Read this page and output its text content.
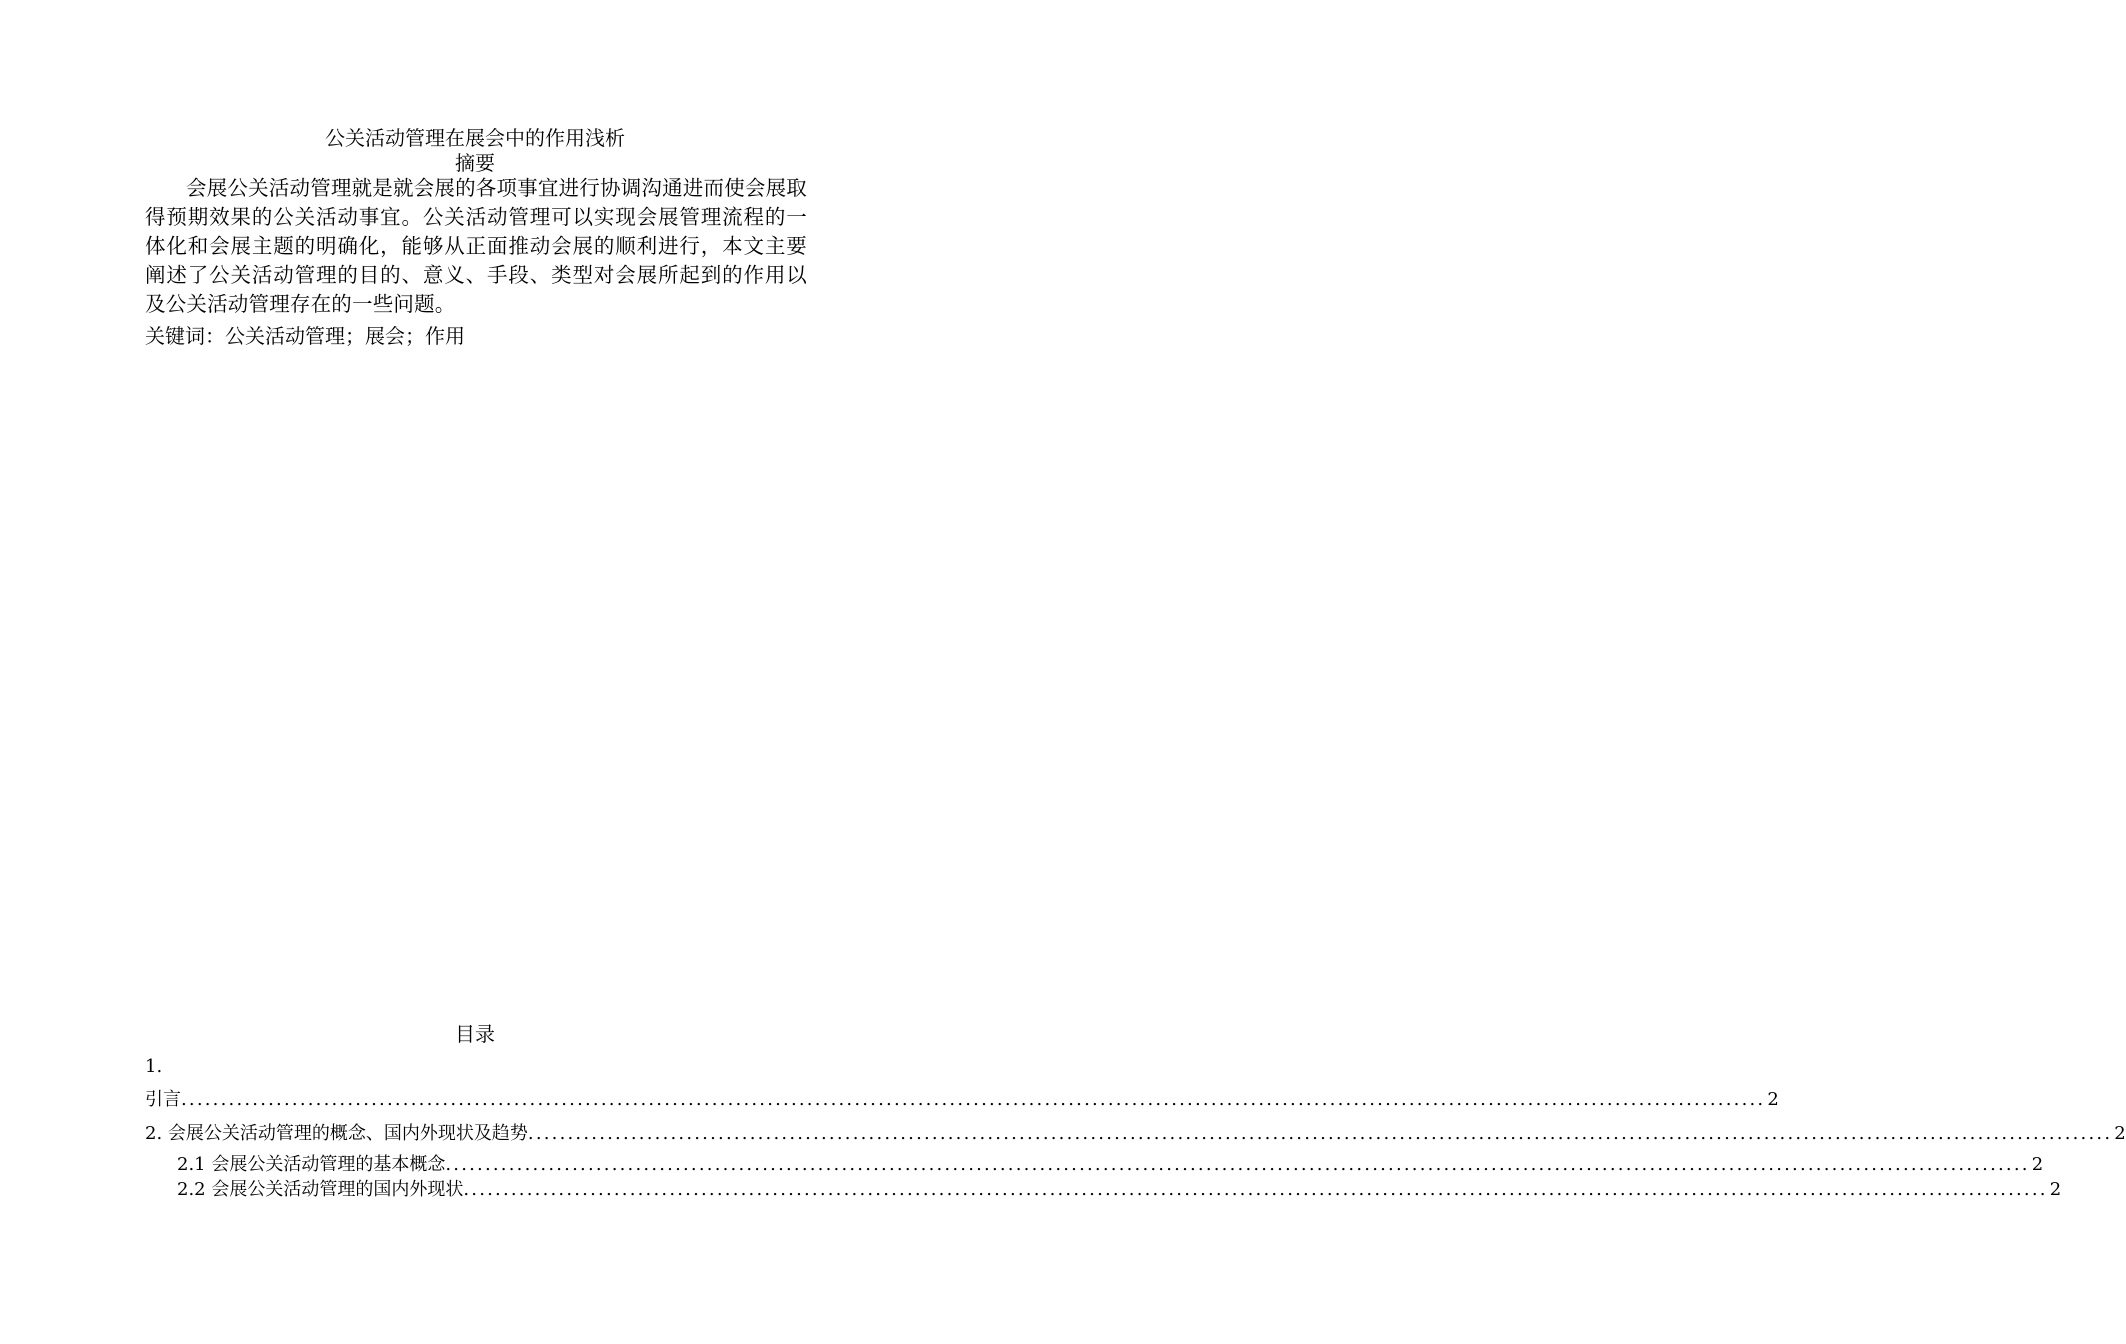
公关活动管理在展会中的作用浅析
摘要
会展公关活动管理就是就会展的各项事宜进行协调沟通进而使会展取得预期效果的公关活动事宜。公关活动管理可以实现会展管理流程的一体化和会展主题的明确化，能够从正面推动会展的顺利进行，本文主要阐述了公关活动管理的目的、意义、手段、类型对会展所起到的作用以及公关活动管理存在的一些问题。
关键词：公关活动管理；展会；作用
目录
1.
引言 ........................................................................................................................................................................................................ 2
2. 会展公关活动管理的概念、国内外现状及趋势 ........................................................................................................................................................................................................ 2
2.1 会展公关活动管理的基本概念 ........................................................................................................................................................................................................ 2
2.2 会展公关活动管理的国内外现状 ........................................................................................................................................................................................................ 2
